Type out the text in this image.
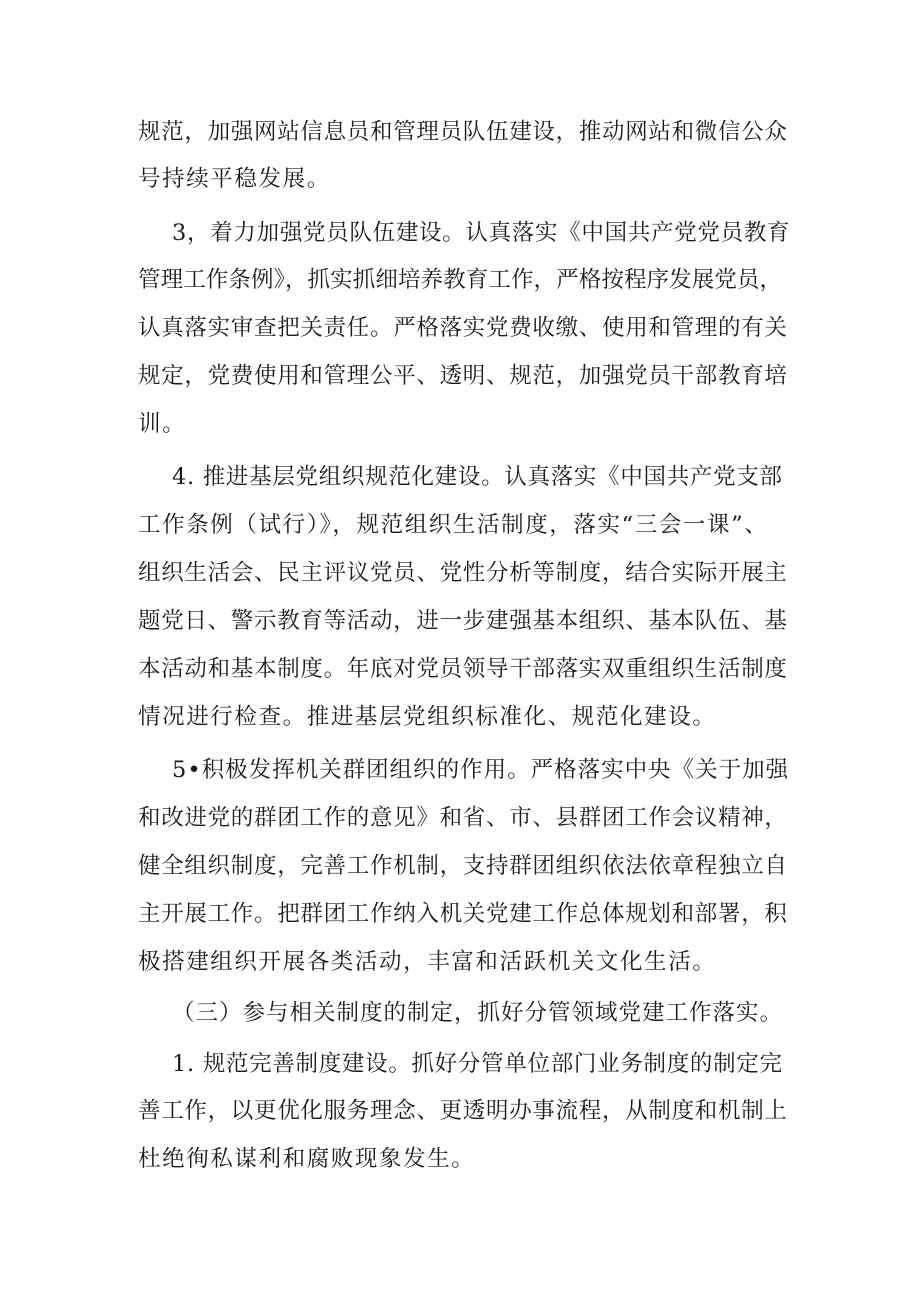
规范，加强网站信息员和管理员队伍建设，推动网站和微信公众
号持续平稳发展。
3，着力加强党员队伍建设。认真落实《中国共产党党员教育
管理工作条例》，抓实抓细培养教育工作，严格按程序发展党员，
认真落实审查把关责任。严格落实党费收缴、使用和管理的有关
规定，党费使用和管理公平、透明、规范，加强党员干部教育培
训。
4. 推进基层党组织规范化建设。认真落实《中国共产党支部
工作条例（试行）》，规范组织生活制度，落实“三会一课”、
组织生活会、民主评议党员、党性分析等制度，结合实际开展主
题党日、警示教育等活动，进一步建强基本组织、基本队伍、基
本活动和基本制度。年底对党员领导干部落实双重组织生活制度
情况进行检查。推进基层党组织标准化、规范化建设。
5•积极发挥机关群团组织的作用。严格落实中央《关于加强
和改进党的群团工作的意见》和省、市、县群团工作会议精神，
健全组织制度，完善工作机制，支持群团组织依法依章程独立自
主开展工作。把群团工作纳入机关党建工作总体规划和部署，积
极搭建组织开展各类活动，丰富和活跃机关文化生活。
（三）参与相关制度的制定，抓好分管领域党建工作落实。
1. 规范完善制度建设。抓好分管单位部门业务制度的制定完
善工作，以更优化服务理念、更透明办事流程，从制度和机制上
杜绝徇私谋利和腐败现象发生。
